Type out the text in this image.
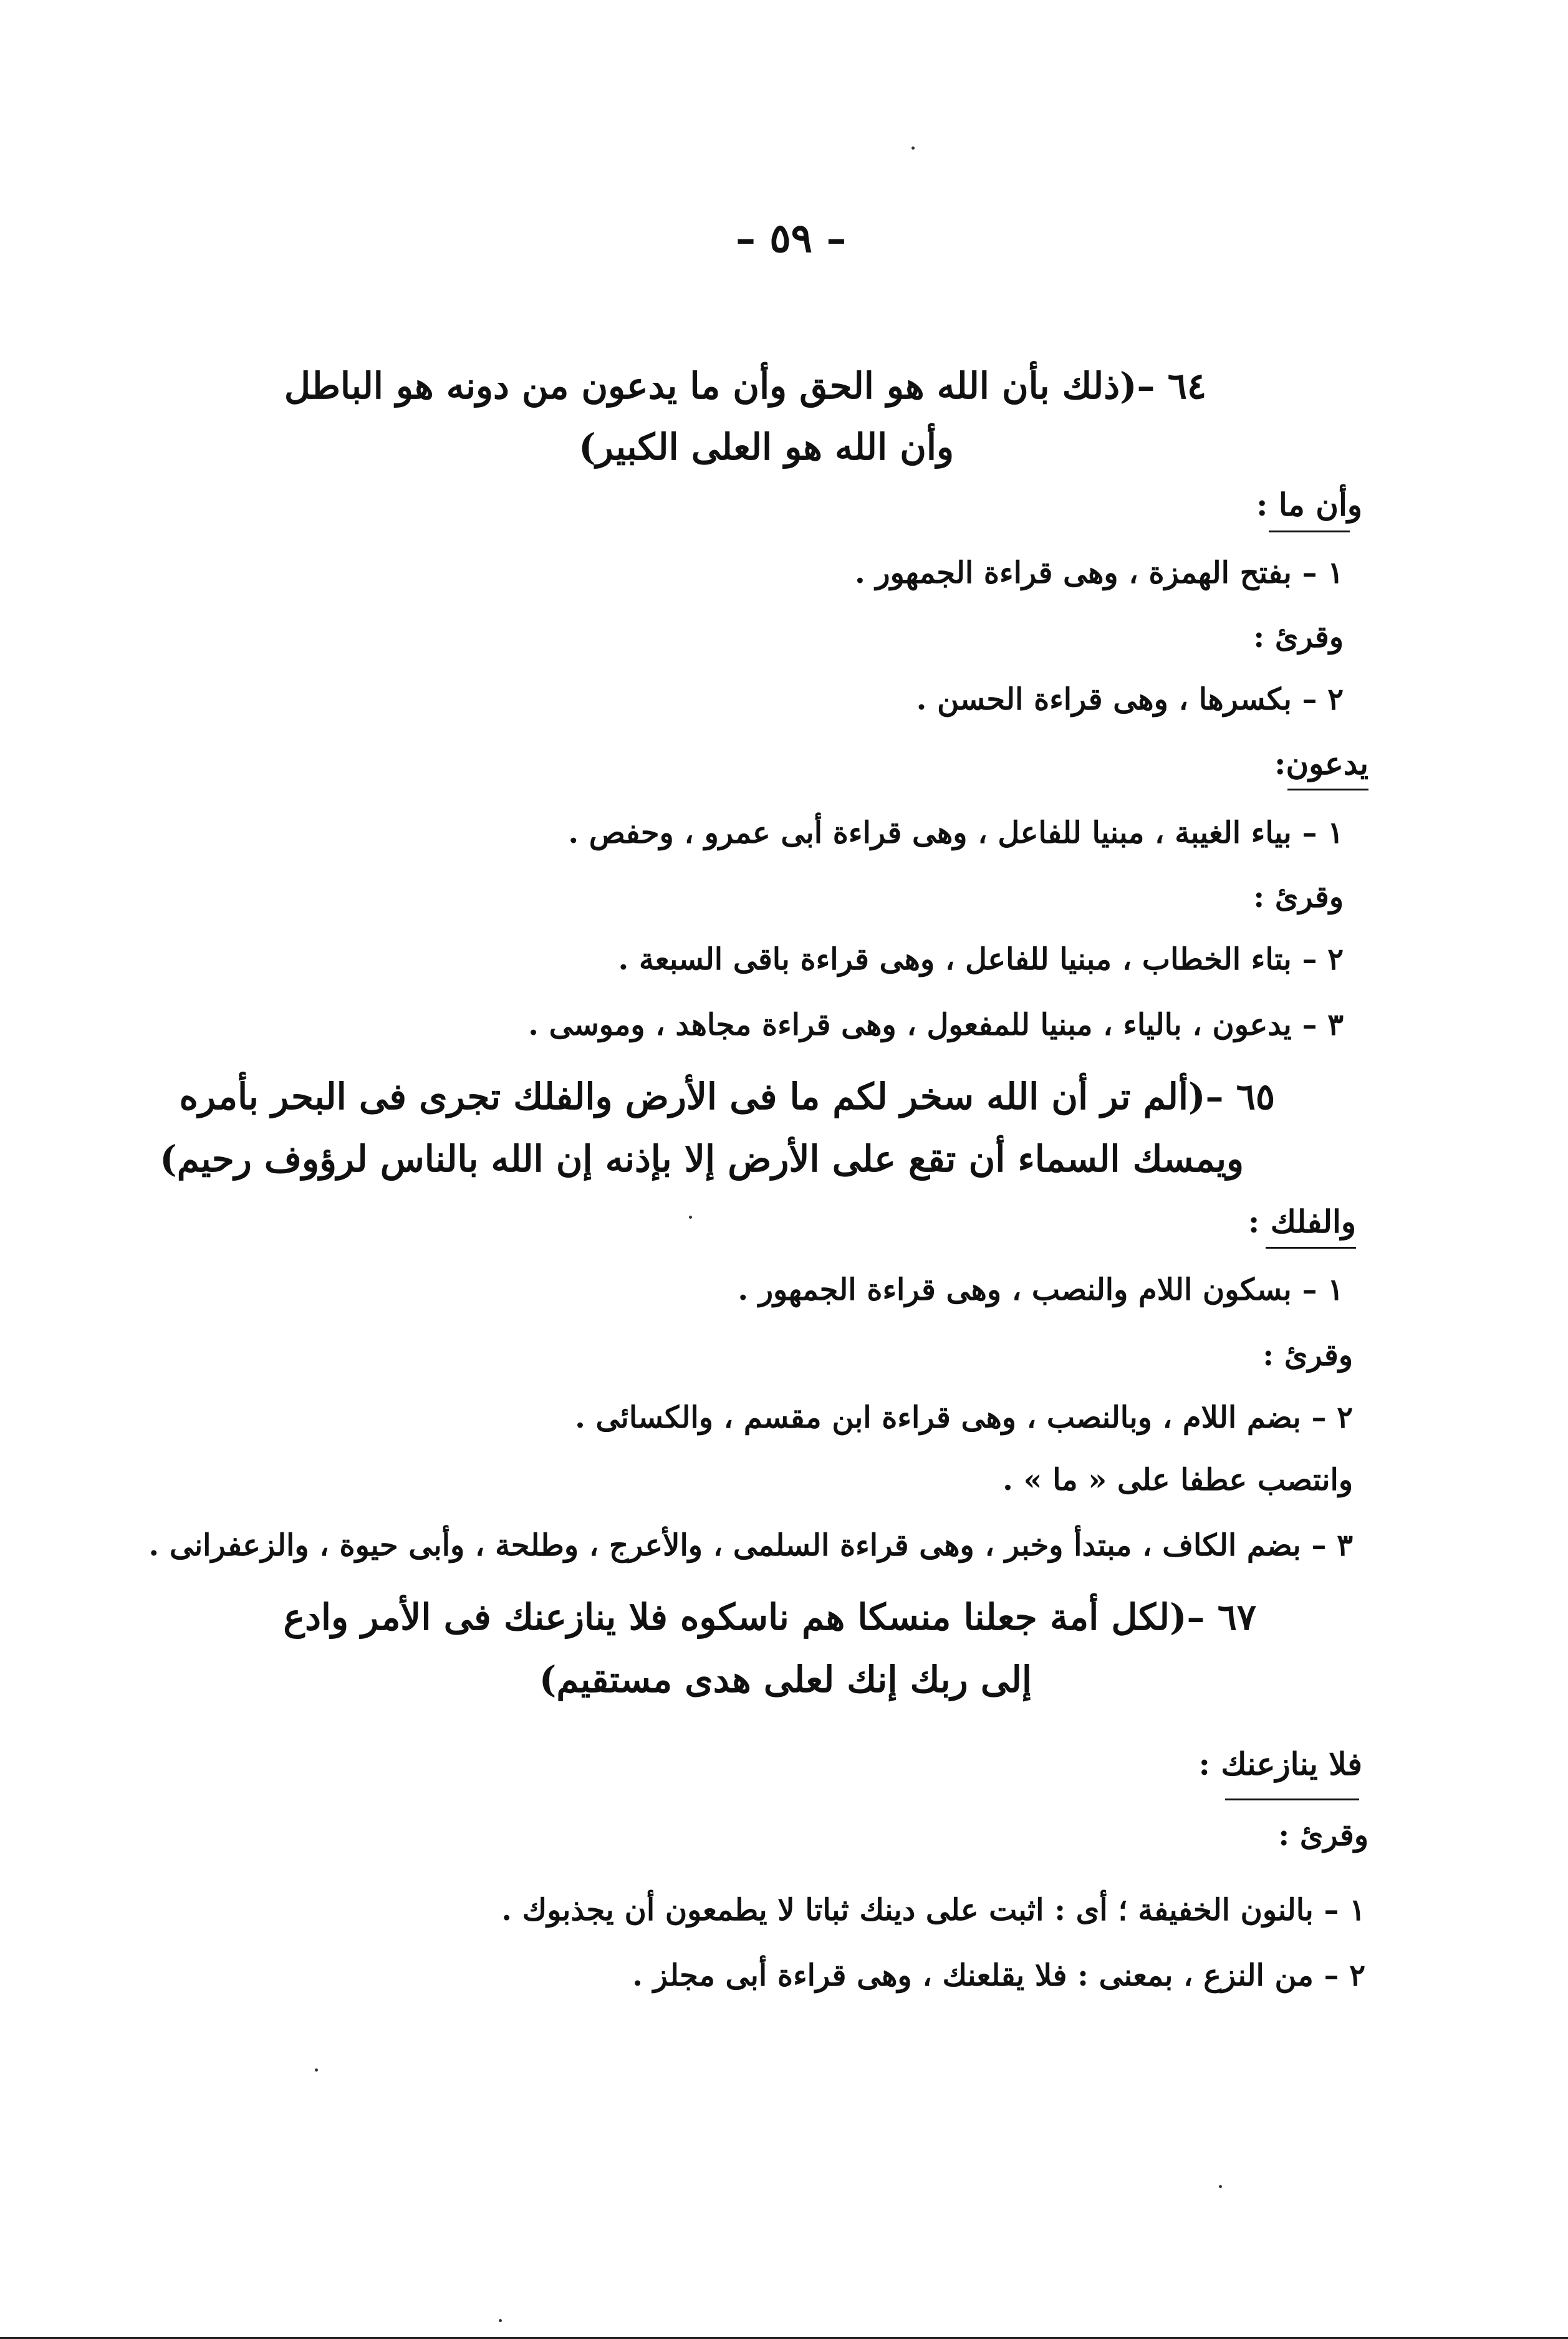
– ٥٩ –
٦٤ –(ذلك بأن الله هو الحق وأن ما يدعون من دونه هو الباطل
وأن الله هو العلى الكبير)
وأن ما :
١ – بفتح الهمزة ، وهى قراءة الجمهور .
وقرئ :
٢ – بكسرها ، وهى قراءة الحسن .
يدعون:
١ – بياء الغيبة ، مبنيا للفاعل ، وهى قراءة أبى عمرو ، وحفص .
وقرئ :
٢ – بتاء الخطاب ، مبنيا للفاعل ، وهى قراءة باقى السبعة .
٣ – يدعون ، بالياء ، مبنيا للمفعول ، وهى قراءة مجاهد ، وموسى .
٦٥ –(ألم تر أن الله سخر لكم ما فى الأرض والفلك تجرى فى البحر بأمره
ويمسك السماء أن تقع على الأرض إلا بإذنه إن الله بالناس لرؤوف رحيم)
والفلك :
١ – بسكون اللام والنصب ، وهى قراءة الجمهور .
وقرئ :
٢ – بضم اللام ، وبالنصب ، وهى قراءة ابن مقسم ، والكسائى .
وانتصب عطفا على « ما » .
٣ – بضم الكاف ، مبتدأ وخبر ، وهى قراءة السلمى ، والأعرج ، وطلحة ، وأبى حيوة ، والزعفرانى .
٦٧ –(لكل أمة جعلنا منسكا هم ناسكوه فلا ينازعنك فى الأمر وادع
إلى ربك إنك لعلى هدى مستقيم)
فلا ينازعنك :
وقرئ :
١ – بالنون الخفيفة ؛ أى : اثبت على دينك ثباتا لا يطمعون أن يجذبوك .
٢ – من النزع ، بمعنى : فلا يقلعنك ، وهى قراءة أبى مجلز .
